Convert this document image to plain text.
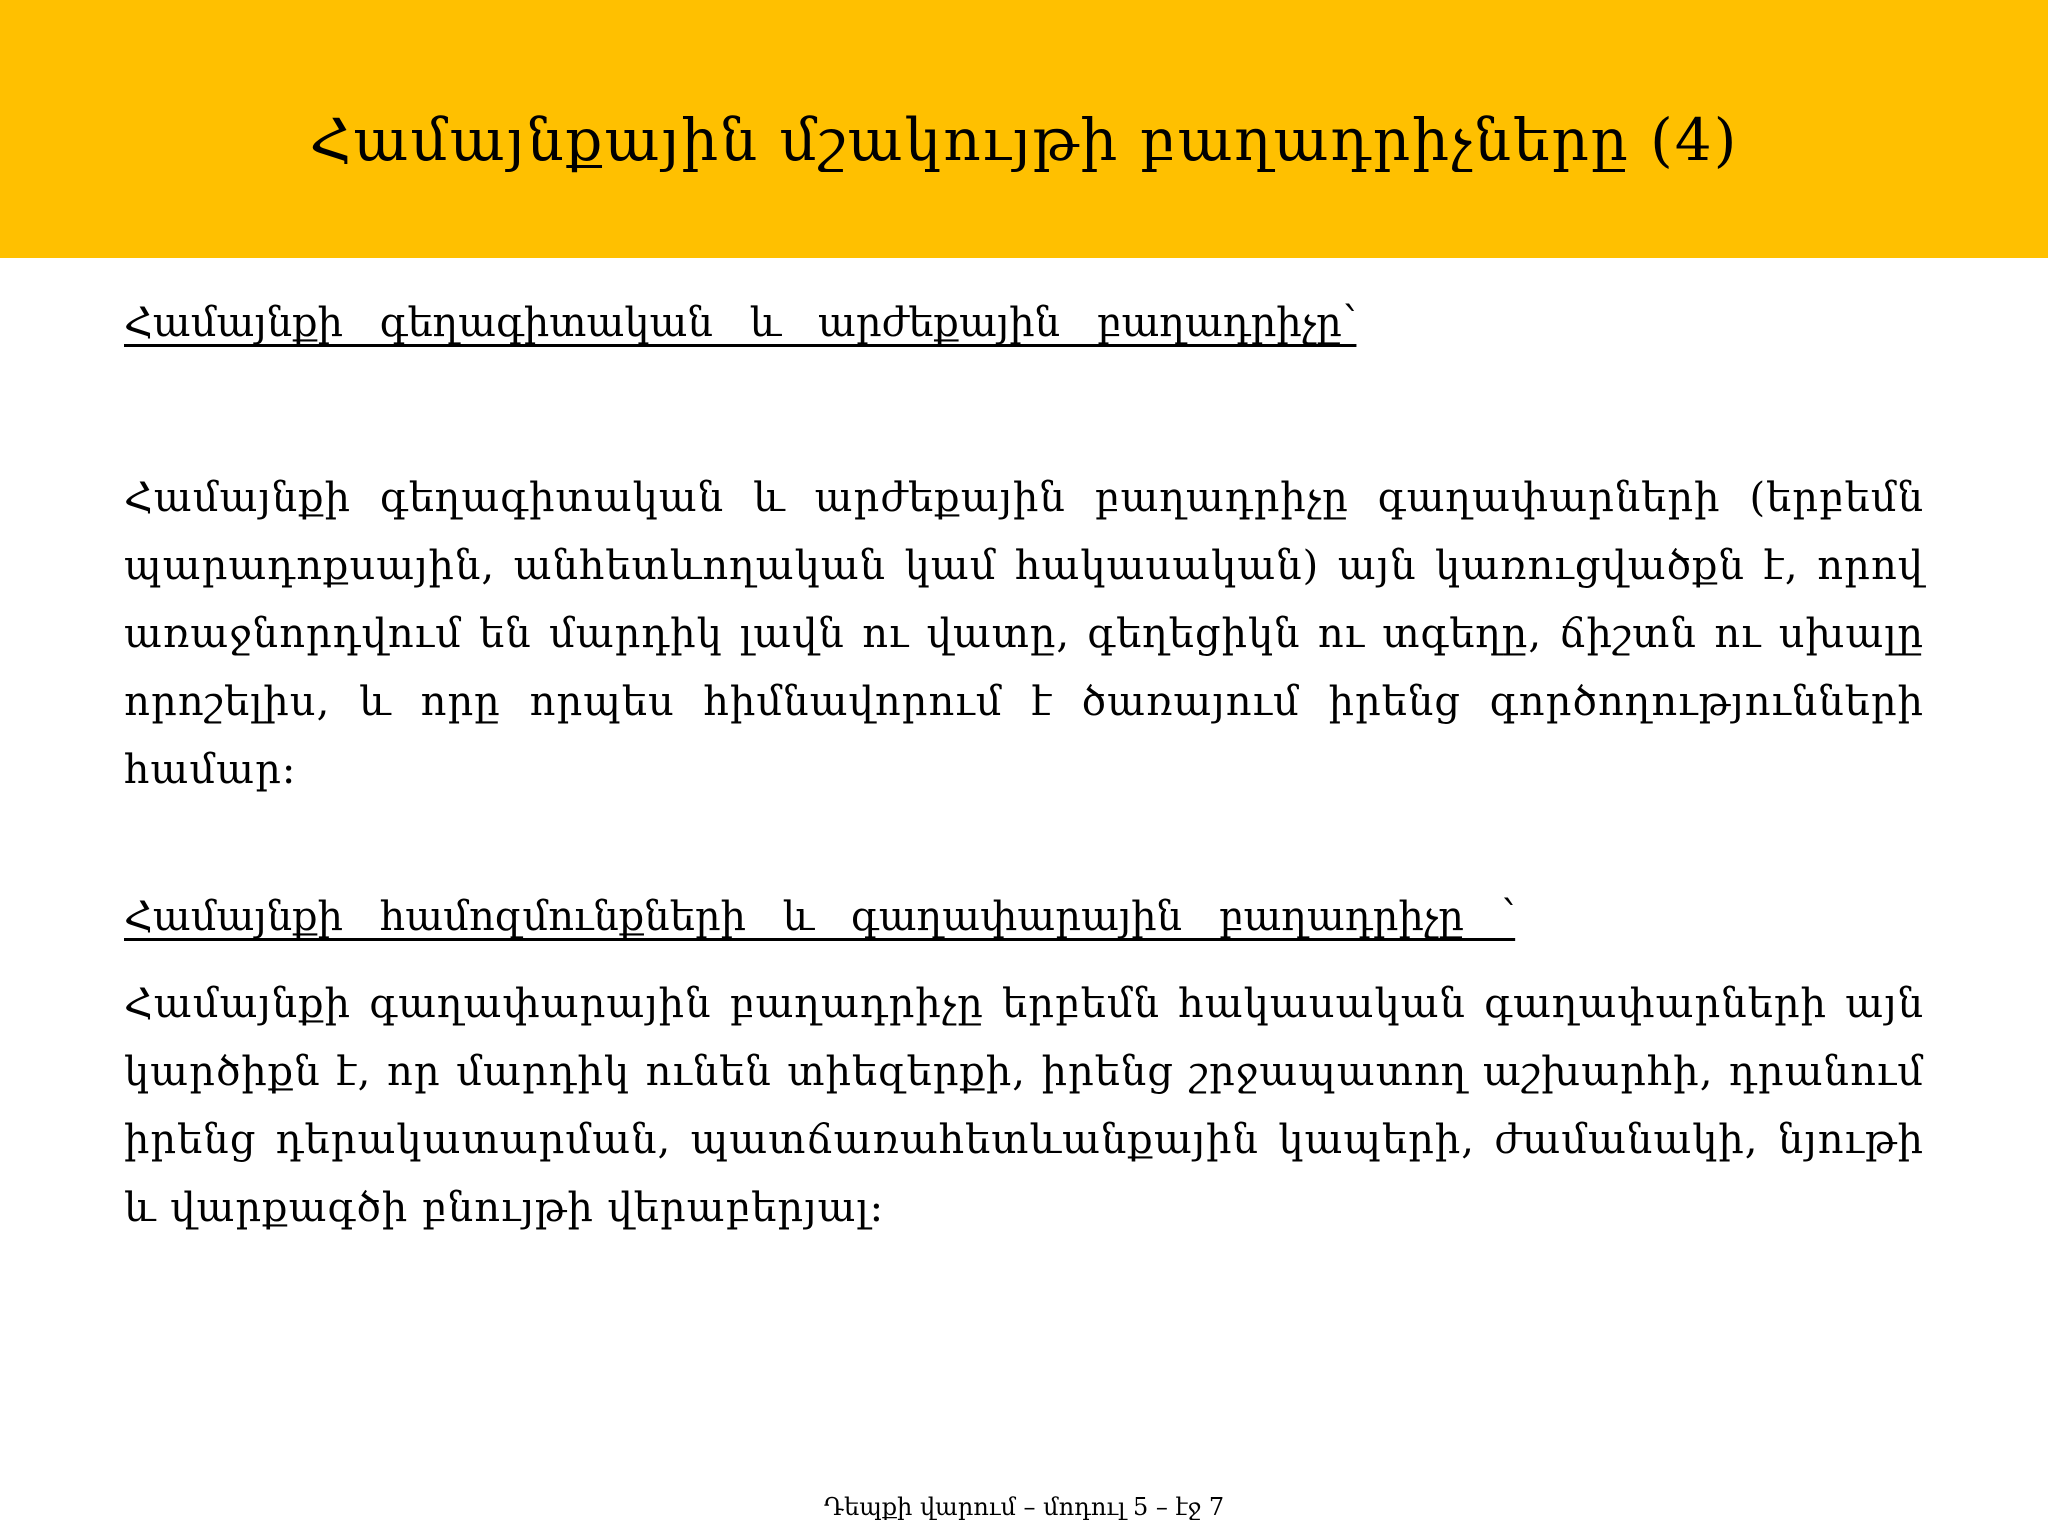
Համայնքային մշակույթի բաղադրիչները (4)
Համայնքի գեղագիտական և արժեքային բաղադրիչը՝

Համայնքի գեղագիտական և արժեքային բաղադրիչը գաղափարների (երբեմն պարադոքսային, անհետևողական կամ հակասական) այն կառուցվածքն է, որով առաջնորդվում են մարդիկ լավն ու վատը, գեղեցիկն ու տգեղը, ճիշտն ու սխալը որոշելիս, և որը որպես հիմնավորում է ծառայում իրենց գործողությունների համար։

Համայնքի համոզմունքների և գաղափարային բաղադրիչը ՝

Համայնքի գաղափարային բաղադրիչը երբեմն հակասական գաղափարների այն կարծիքն է, որ մարդիկ ունեն տիեզերքի, իրենց շրջապատող աշխարհի, դրանում իրենց դերակատարման, պատճառահետևանքային կապերի, ժամանակի, նյութի և վարքագծի բնույթի վերաբերյալ։

Դեպքի վարում – մոդուլ 5 – էջ 7
